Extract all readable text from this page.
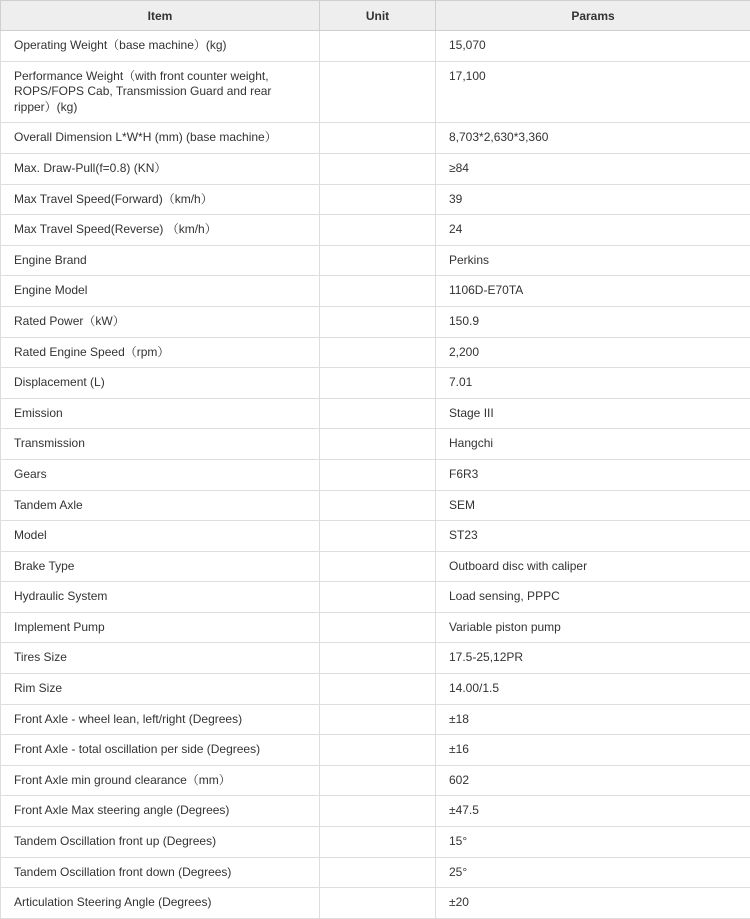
Item	Unit	Params
Operating Weight（base machine）(kg)		15,070
Performance Weight（with front counter weight, ROPS/FOPS Cab, Transmission Guard and rear ripper）(kg)		17,100
Overall Dimension L*W*H (mm) (base machine）		8,703*2,630*3,360
Max. Draw-Pull(f=0.8) (KN）		≥84
Max Travel Speed(Forward)（km/h）		39
Max Travel Speed(Reverse) （km/h）		24
Engine Brand		Perkins
Engine Model		1106D-E70TA
Rated Power（kW）		150.9
Rated Engine Speed（rpm）		2,200
Displacement (L)		7.01
Emission		Stage III
Transmission		Hangchi
Gears		F6R3
Tandem Axle		SEM
Model		ST23
Brake Type		Outboard disc with caliper
Hydraulic System		Load sensing, PPPC
Implement Pump		Variable piston pump
Tires Size		17.5-25,12PR
Rim Size		14.00/1.5
Front Axle - wheel lean, left/right (Degrees)		±18
Front Axle - total oscillation per side (Degrees)		±16
Front Axle min ground clearance（mm）		602
Front Axle Max steering angle (Degrees)		±47.5
Tandem Oscillation front up (Degrees)		15°
Tandem Oscillation front down (Degrees)		25°
Articulation Steering Angle (Degrees)		±20
